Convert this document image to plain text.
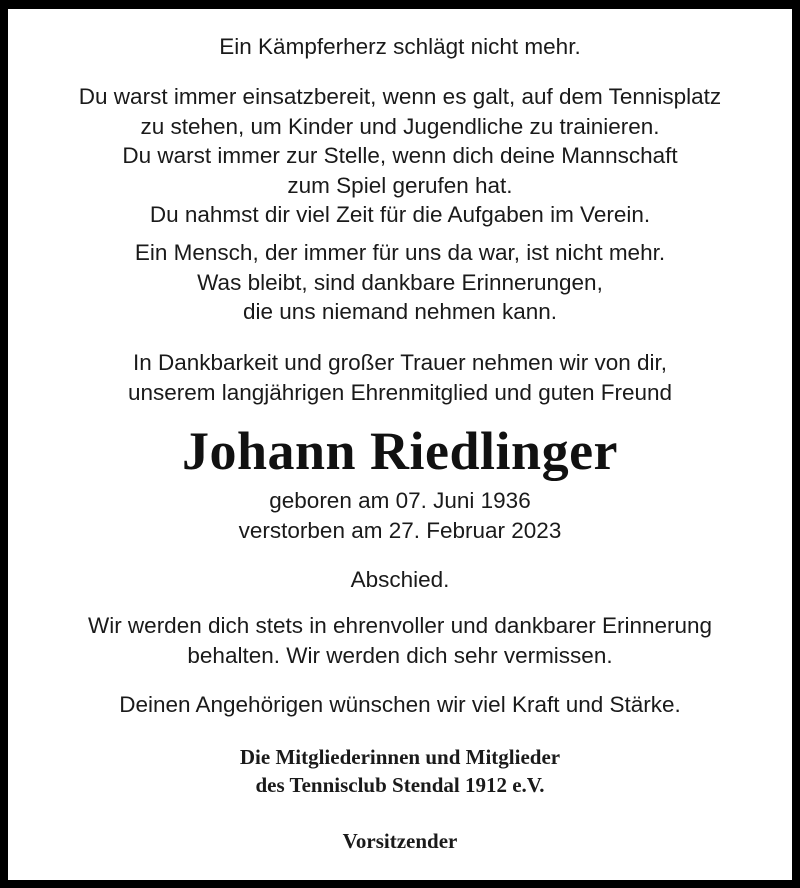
Ein Kämpferherz schlägt nicht mehr.

Du warst immer einsatzbereit, wenn es galt, auf dem Tennisplatz
zu stehen, um Kinder und Jugendliche zu trainieren.
Du warst immer zur Stelle, wenn dich deine Mannschaft
zum Spiel gerufen hat.
Du nahmst dir viel Zeit für die Aufgaben im Verein.

Ein Mensch, der immer für uns da war, ist nicht mehr.
Was bleibt, sind dankbare Erinnerungen,
die uns niemand nehmen kann.

In Dankbarkeit und großer Trauer nehmen wir von dir,
unserem langjährigen Ehrenmitglied und guten Freund

Johann Riedlinger

geboren am 07. Juni 1936
verstorben am 27. Februar 2023

Abschied.

Wir werden dich stets in ehrenvoller und dankbarer Erinnerung
behalten. Wir werden dich sehr vermissen.

Deinen Angehörigen wünschen wir viel Kraft und Stärke.

Die Mitgliederinnen und Mitglieder
des Tennisclub Stendal 1912 e.V.

Vorsitzender
